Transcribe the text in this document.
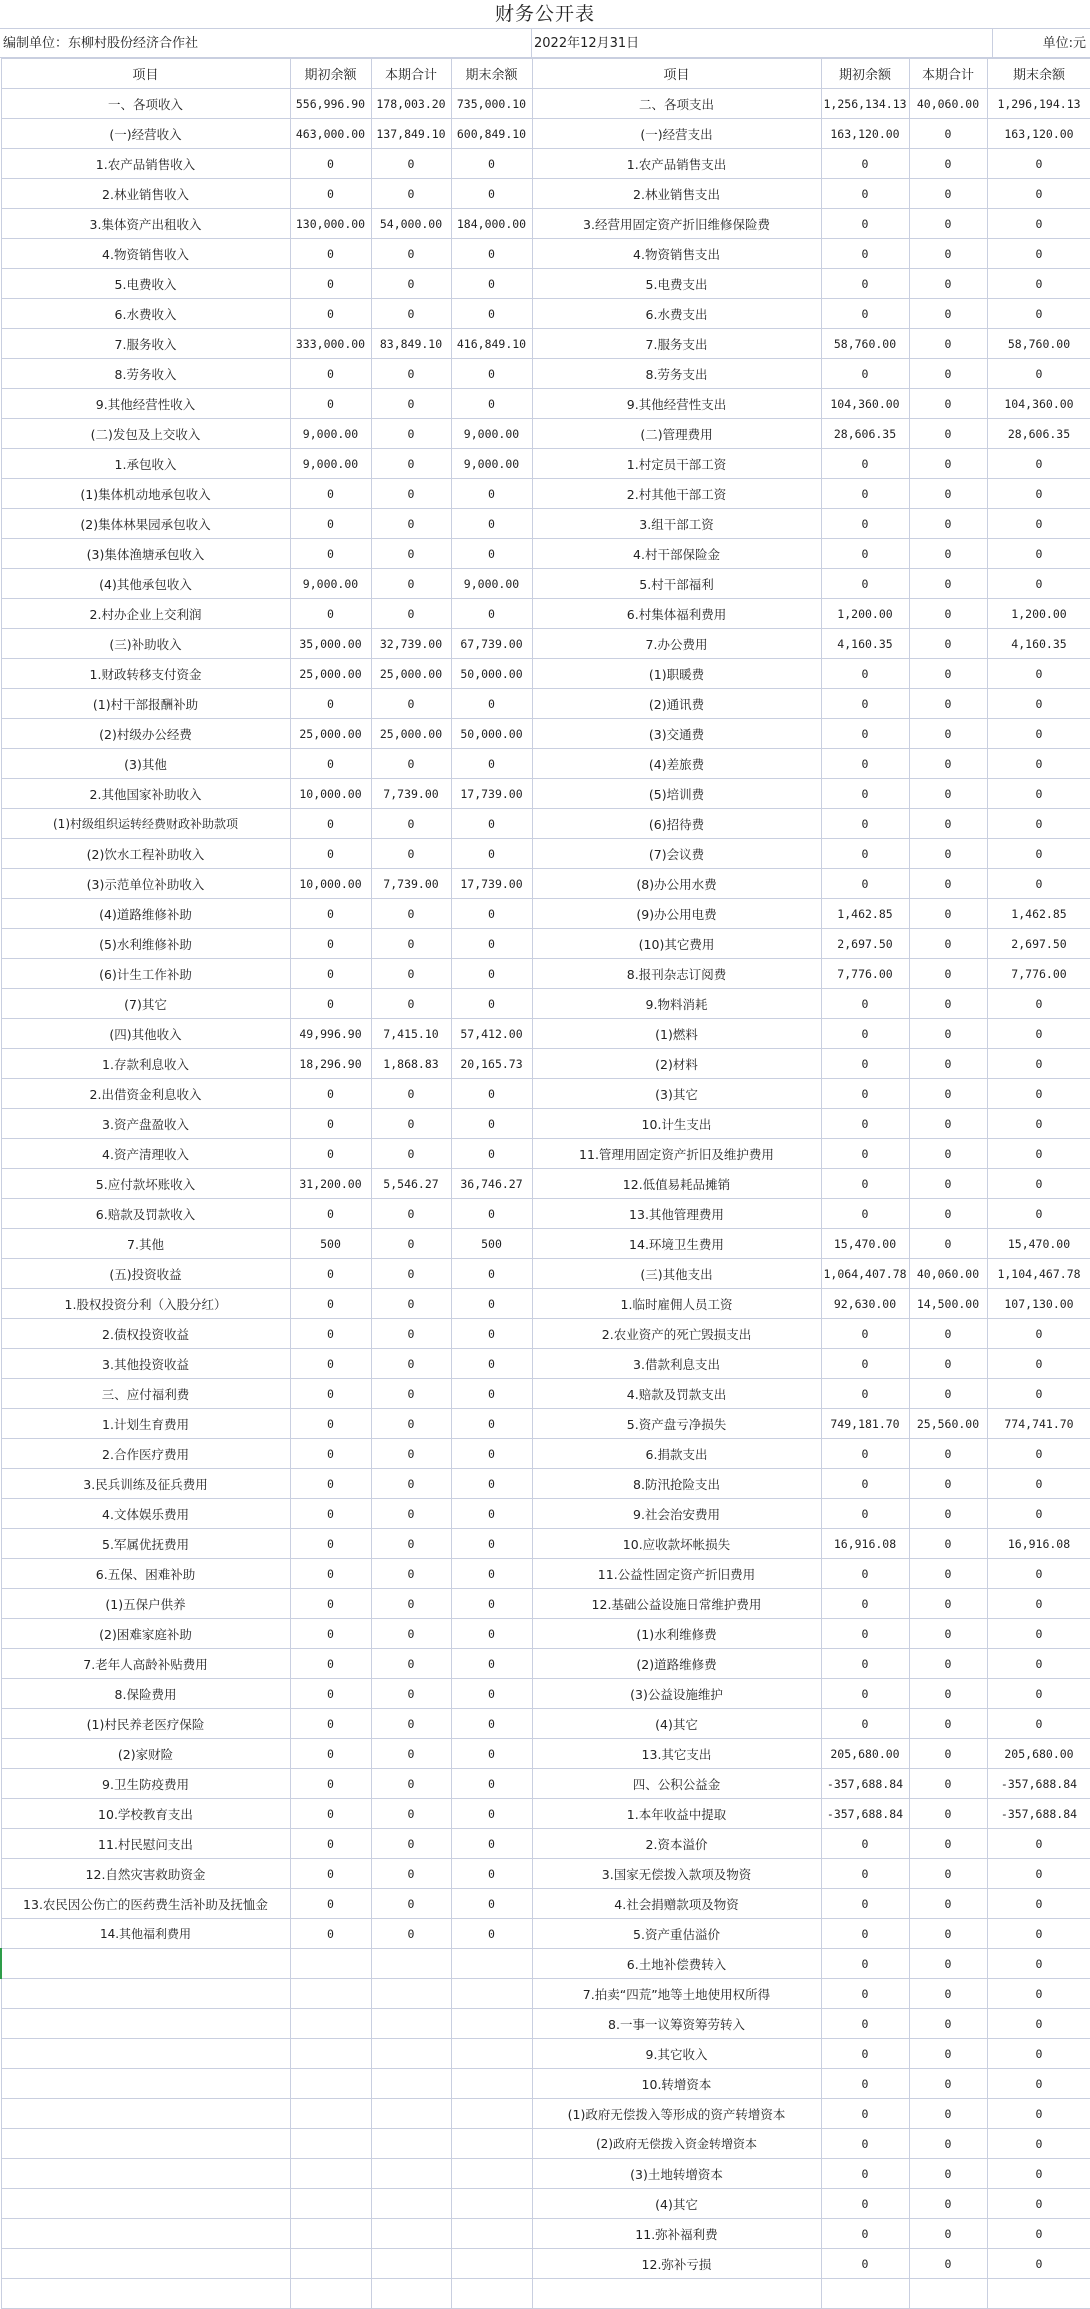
财务公开表
编制单位：东柳村股份经济合作社	2022年12月31日	单位:元
项目	期初余额	本期合计	期末余额	项目	期初余额	本期合计	期末余额
一、各项收入	556,996.90	178,003.20	735,000.10	二、各项支出	1,256,134.13	40,060.00	1,296,194.13
(一)经营收入	463,000.00	137,849.10	600,849.10	(一)经营支出	163,120.00	0	163,120.00
1.农产品销售收入	0	0	0	1.农产品销售支出	0	0	0
2.林业销售收入	0	0	0	2.林业销售支出	0	0	0
3.集体资产出租收入	130,000.00	54,000.00	184,000.00	3.经营用固定资产折旧维修保险费	0	0	0
4.物资销售收入	0	0	0	4.物资销售支出	0	0	0
5.电费收入	0	0	0	5.电费支出	0	0	0
6.水费收入	0	0	0	6.水费支出	0	0	0
7.服务收入	333,000.00	83,849.10	416,849.10	7.服务支出	58,760.00	0	58,760.00
8.劳务收入	0	0	0	8.劳务支出	0	0	0
9.其他经营性收入	0	0	0	9.其他经营性支出	104,360.00	0	104,360.00
(二)发包及上交收入	9,000.00	0	9,000.00	(二)管理费用	28,606.35	0	28,606.35
1.承包收入	9,000.00	0	9,000.00	1.村定员干部工资	0	0	0
(1)集体机动地承包收入	0	0	0	2.村其他干部工资	0	0	0
(2)集体林果园承包收入	0	0	0	3.组干部工资	0	0	0
(3)集体渔塘承包收入	0	0	0	4.村干部保险金	0	0	0
(4)其他承包收入	9,000.00	0	9,000.00	5.村干部福利	0	0	0
2.村办企业上交利润	0	0	0	6.村集体福利费用	1,200.00	0	1,200.00
(三)补助收入	35,000.00	32,739.00	67,739.00	7.办公费用	4,160.35	0	4,160.35
1.财政转移支付资金	25,000.00	25,000.00	50,000.00	(1)职暖费	0	0	0
(1)村干部报酬补助	0	0	0	(2)通讯费	0	0	0
(2)村级办公经费	25,000.00	25,000.00	50,000.00	(3)交通费	0	0	0
(3)其他	0	0	0	(4)差旅费	0	0	0
2.其他国家补助收入	10,000.00	7,739.00	17,739.00	(5)培训费	0	0	0
(1)村级组织运转经费财政补助款项	0	0	0	(6)招待费	0	0	0
(2)饮水工程补助收入	0	0	0	(7)会议费	0	0	0
(3)示范单位补助收入	10,000.00	7,739.00	17,739.00	(8)办公用水费	0	0	0
(4)道路维修补助	0	0	0	(9)办公用电费	1,462.85	0	1,462.85
(5)水利维修补助	0	0	0	(10)其它费用	2,697.50	0	2,697.50
(6)计生工作补助	0	0	0	8.报刊杂志订阅费	7,776.00	0	7,776.00
(7)其它	0	0	0	9.物料消耗	0	0	0
(四)其他收入	49,996.90	7,415.10	57,412.00	(1)燃料	0	0	0
1.存款利息收入	18,296.90	1,868.83	20,165.73	(2)材料	0	0	0
2.出借资金利息收入	0	0	0	(3)其它	0	0	0
3.资产盘盈收入	0	0	0	10.计生支出	0	0	0
4.资产清理收入	0	0	0	11.管理用固定资产折旧及维护费用	0	0	0
5.应付款坏账收入	31,200.00	5,546.27	36,746.27	12.低值易耗品摊销	0	0	0
6.赔款及罚款收入	0	0	0	13.其他管理费用	0	0	0
7.其他	500	0	500	14.环境卫生费用	15,470.00	0	15,470.00
(五)投资收益	0	0	0	(三)其他支出	1,064,407.78	40,060.00	1,104,467.78
1.股权投资分利（入股分红）	0	0	0	1.临时雇佣人员工资	92,630.00	14,500.00	107,130.00
2.债权投资收益	0	0	0	2.农业资产的死亡毁损支出	0	0	0
3.其他投资收益	0	0	0	3.借款利息支出	0	0	0
三、应付福利费	0	0	0	4.赔款及罚款支出	0	0	0
1.计划生育费用	0	0	0	5.资产盘亏净损失	749,181.70	25,560.00	774,741.70
2.合作医疗费用	0	0	0	6.捐款支出	0	0	0
3.民兵训练及征兵费用	0	0	0	8.防汛抢险支出	0	0	0
4.文体娱乐费用	0	0	0	9.社会治安费用	0	0	0
5.军属优抚费用	0	0	0	10.应收款坏帐损失	16,916.08	0	16,916.08
6.五保、困难补助	0	0	0	11.公益性固定资产折旧费用	0	0	0
(1)五保户供养	0	0	0	12.基础公益设施日常维护费用	0	0	0
(2)困难家庭补助	0	0	0	(1)水利维修费	0	0	0
7.老年人高龄补贴费用	0	0	0	(2)道路维修费	0	0	0
8.保险费用	0	0	0	(3)公益设施维护	0	0	0
(1)村民养老医疗保险	0	0	0	(4)其它	0	0	0
(2)家财险	0	0	0	13.其它支出	205,680.00	0	205,680.00
9.卫生防疫费用	0	0	0	四、公积公益金	-357,688.84	0	-357,688.84
10.学校教育支出	0	0	0	1.本年收益中提取	-357,688.84	0	-357,688.84
11.村民慰问支出	0	0	0	2.资本溢价	0	0	0
12.自然灾害救助资金	0	0	0	3.国家无偿拨入款项及物资	0	0	0
13.农民因公伤亡的医药费生活补助及抚恤金	0	0	0	4.社会捐赠款项及物资	0	0	0
14.其他福利费用	0	0	0	5.资产重估溢价	0	0	0
				6.土地补偿费转入	0	0	0
				7.拍卖“四荒”地等土地使用权所得	0	0	0
				8.一事一议筹资筹劳转入	0	0	0
				9.其它收入	0	0	0
				10.转增资本	0	0	0
				(1)政府无偿拨入等形成的资产转增资本	0	0	0
				(2)政府无偿拨入资金转增资本	0	0	0
				(3)土地转增资本	0	0	0
				(4)其它	0	0	0
				11.弥补福利费	0	0	0
				12.弥补亏损	0	0	0
